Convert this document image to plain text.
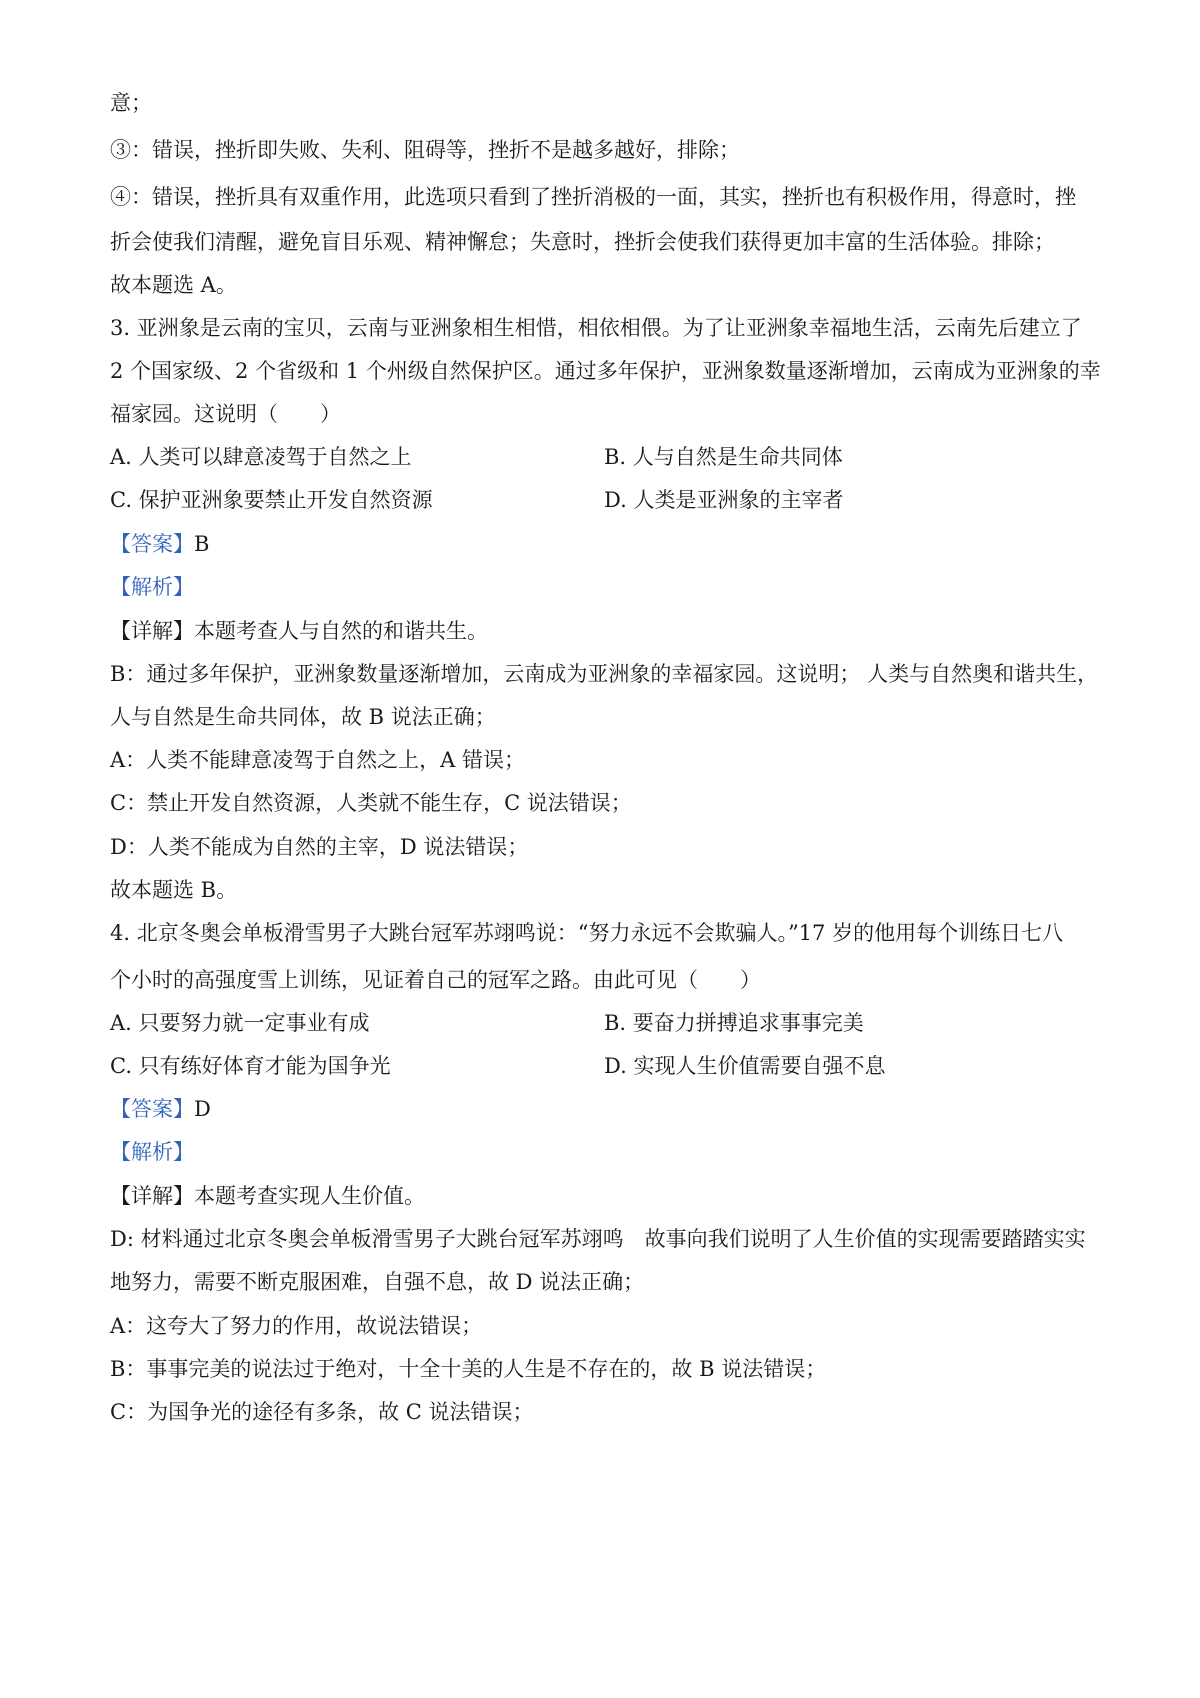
意；
③：错误，挫折即失败、失利、阻碍等，挫折不是越多越好，排除；
④：错误，挫折具有双重作用，此选项只看到了挫折消极的一面，其实，挫折也有积极作用，得意时，挫
折会使我们清醒，避免盲目乐观、精神懈怠；失意时，挫折会使我们获得更加丰富的生活体验。排除；
故本题选 A。
3. 亚洲象是云南的宝贝，云南与亚洲象相生相惜，相依相偎。为了让亚洲象幸福地生活，云南先后建立了
2 个国家级、2 个省级和 1 个州级自然保护区。通过多年保护，亚洲象数量逐渐增加，云南成为亚洲象的幸
福家园。这说明（　　）
A. 人类可以肆意凌驾于自然之上	B. 人与自然是生命共同体
C. 保护亚洲象要禁止开发自然资源	D. 人类是亚洲象的主宰者
【答案】B
【解析】
【详解】本题考查人与自然的和谐共生。
B：通过多年保护，亚洲象数量逐渐增加，云南成为亚洲象的幸福家园。这说明； 人类与自然奥和谐共生，
人与自然是生命共同体，故 B 说法正确；
A：人类不能肆意凌驾于自然之上，A 错误；
C：禁止开发自然资源，人类就不能生存，C 说法错误；
D：人类不能成为自然的主宰，D 说法错误；
故本题选 B。
4. 北京冬奥会单板滑雪男子大跳台冠军苏翊鸣说：“努力永远不会欺骗人。”17 岁的他用每个训练日七八
个小时的高强度雪上训练，见证着自己的冠军之路。由此可见（　　）
A. 只要努力就一定事业有成	B. 要奋力拼搏追求事事完美
C. 只有练好体育才能为国争光	D. 实现人生价值需要自强不息
【答案】D
【解析】
【详解】本题考查实现人生价值。
D: 材料通过北京冬奥会单板滑雪男子大跳台冠军苏翊鸣　故事向我们说明了人生价值的实现需要踏踏实实
地努力，需要不断克服困难，自强不息，故 D 说法正确；
A：这夸大了努力的作用，故说法错误；
B：事事完美的说法过于绝对，十全十美的人生是不存在的，故 B 说法错误；
C：为国争光的途径有多条，故 C 说法错误；
